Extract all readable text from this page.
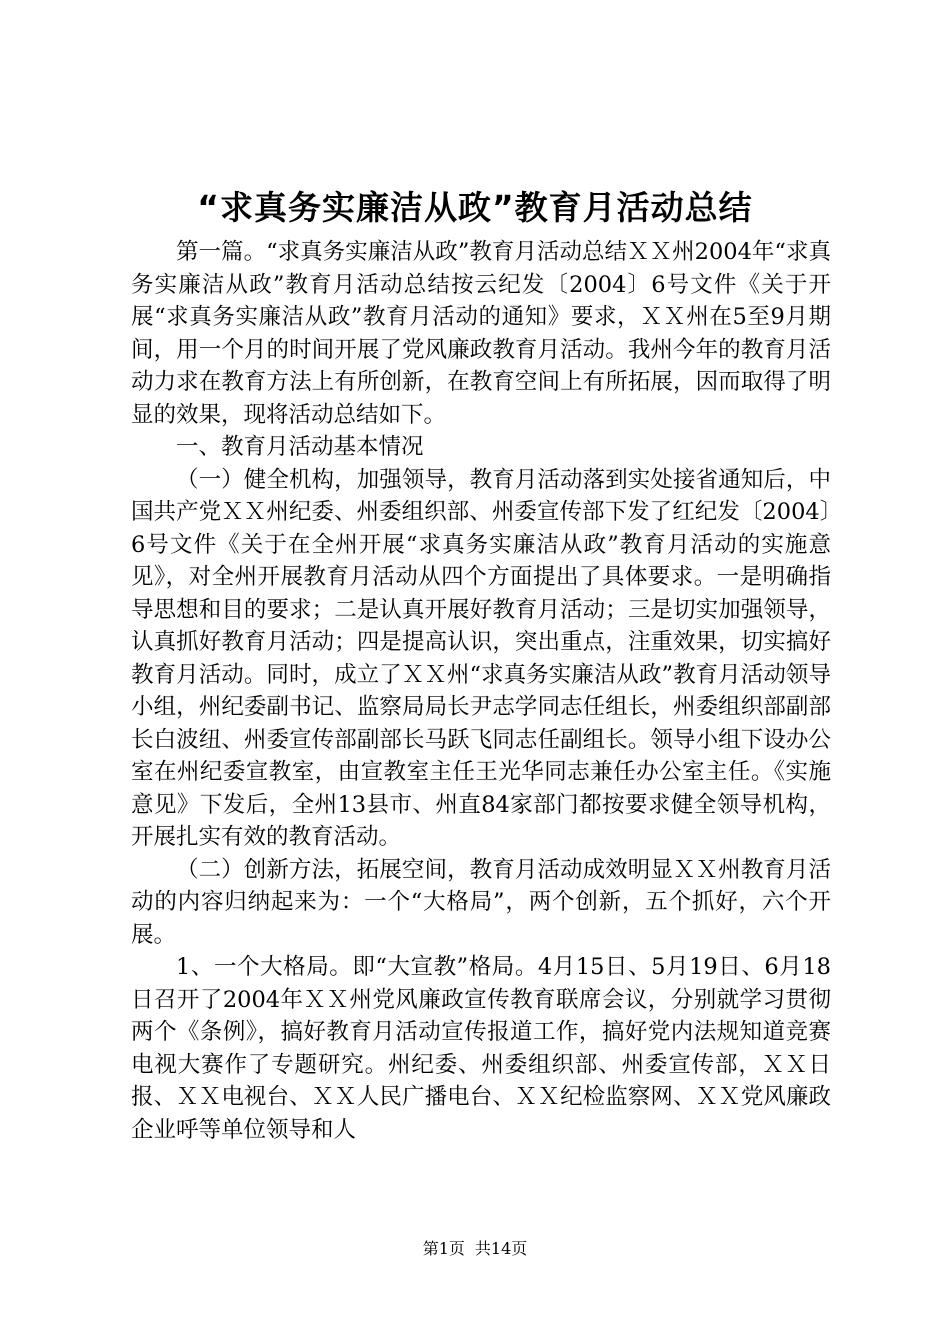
“求真务实廉洁从政”教育月活动总结

第一篇。“求真务实廉洁从政”教育月活动总结ＸＸ州2004年“求真务实廉洁从政”教育月活动总结按云纪发〔2004〕6号文件《关于开展“求真务实廉洁从政”教育月活动的通知》要求，ＸＸ州在5至9月期间，用一个月的时间开展了党风廉政教育月活动。我州今年的教育月活动力求在教育方法上有所创新，在教育空间上有所拓展，因而取得了明显的效果，现将活动总结如下。

一、教育月活动基本情况

（一）健全机构，加强领导，教育月活动落到实处接省通知后，中国共产党ＸＸ州纪委、州委组织部、州委宣传部下发了红纪发〔2004〕6号文件《关于在全州开展“求真务实廉洁从政”教育月活动的实施意见》，对全州开展教育月活动从四个方面提出了具体要求。一是明确指导思想和目的要求；二是认真开展好教育月活动；三是切实加强领导，认真抓好教育月活动；四是提高认识，突出重点，注重效果，切实搞好教育月活动。同时，成立了ＸＸ州“求真务实廉洁从政”教育月活动领导小组，州纪委副书记、监察局局长尹志学同志任组长，州委组织部副部长白波纽、州委宣传部副部长马跃飞同志任副组长。领导小组下设办公室在州纪委宣教室，由宣教室主任王光华同志兼任办公室主任。《实施意见》下发后，全州13县市、州直84家部门都按要求健全领导机构，开展扎实有效的教育活动。

（二）创新方法，拓展空间，教育月活动成效明显ＸＸ州教育月活动的内容归纳起来为：一个“大格局”，两个创新，五个抓好，六个开展。

1、一个大格局。即“大宣教”格局。4月15日、5月19日、6月18日召开了2004年ＸＸ州党风廉政宣传教育联席会议，分别就学习贯彻两个《条例》，搞好教育月活动宣传报道工作，搞好党内法规知道竞赛电视大赛作了专题研究。州纪委、州委组织部、州委宣传部，ＸＸ日报、ＸＸ电视台、ＸＸ人民广播电台、ＸＸ纪检监察网、ＸＸ党风廉政企业呼等单位领导和人

第1页 共14页
